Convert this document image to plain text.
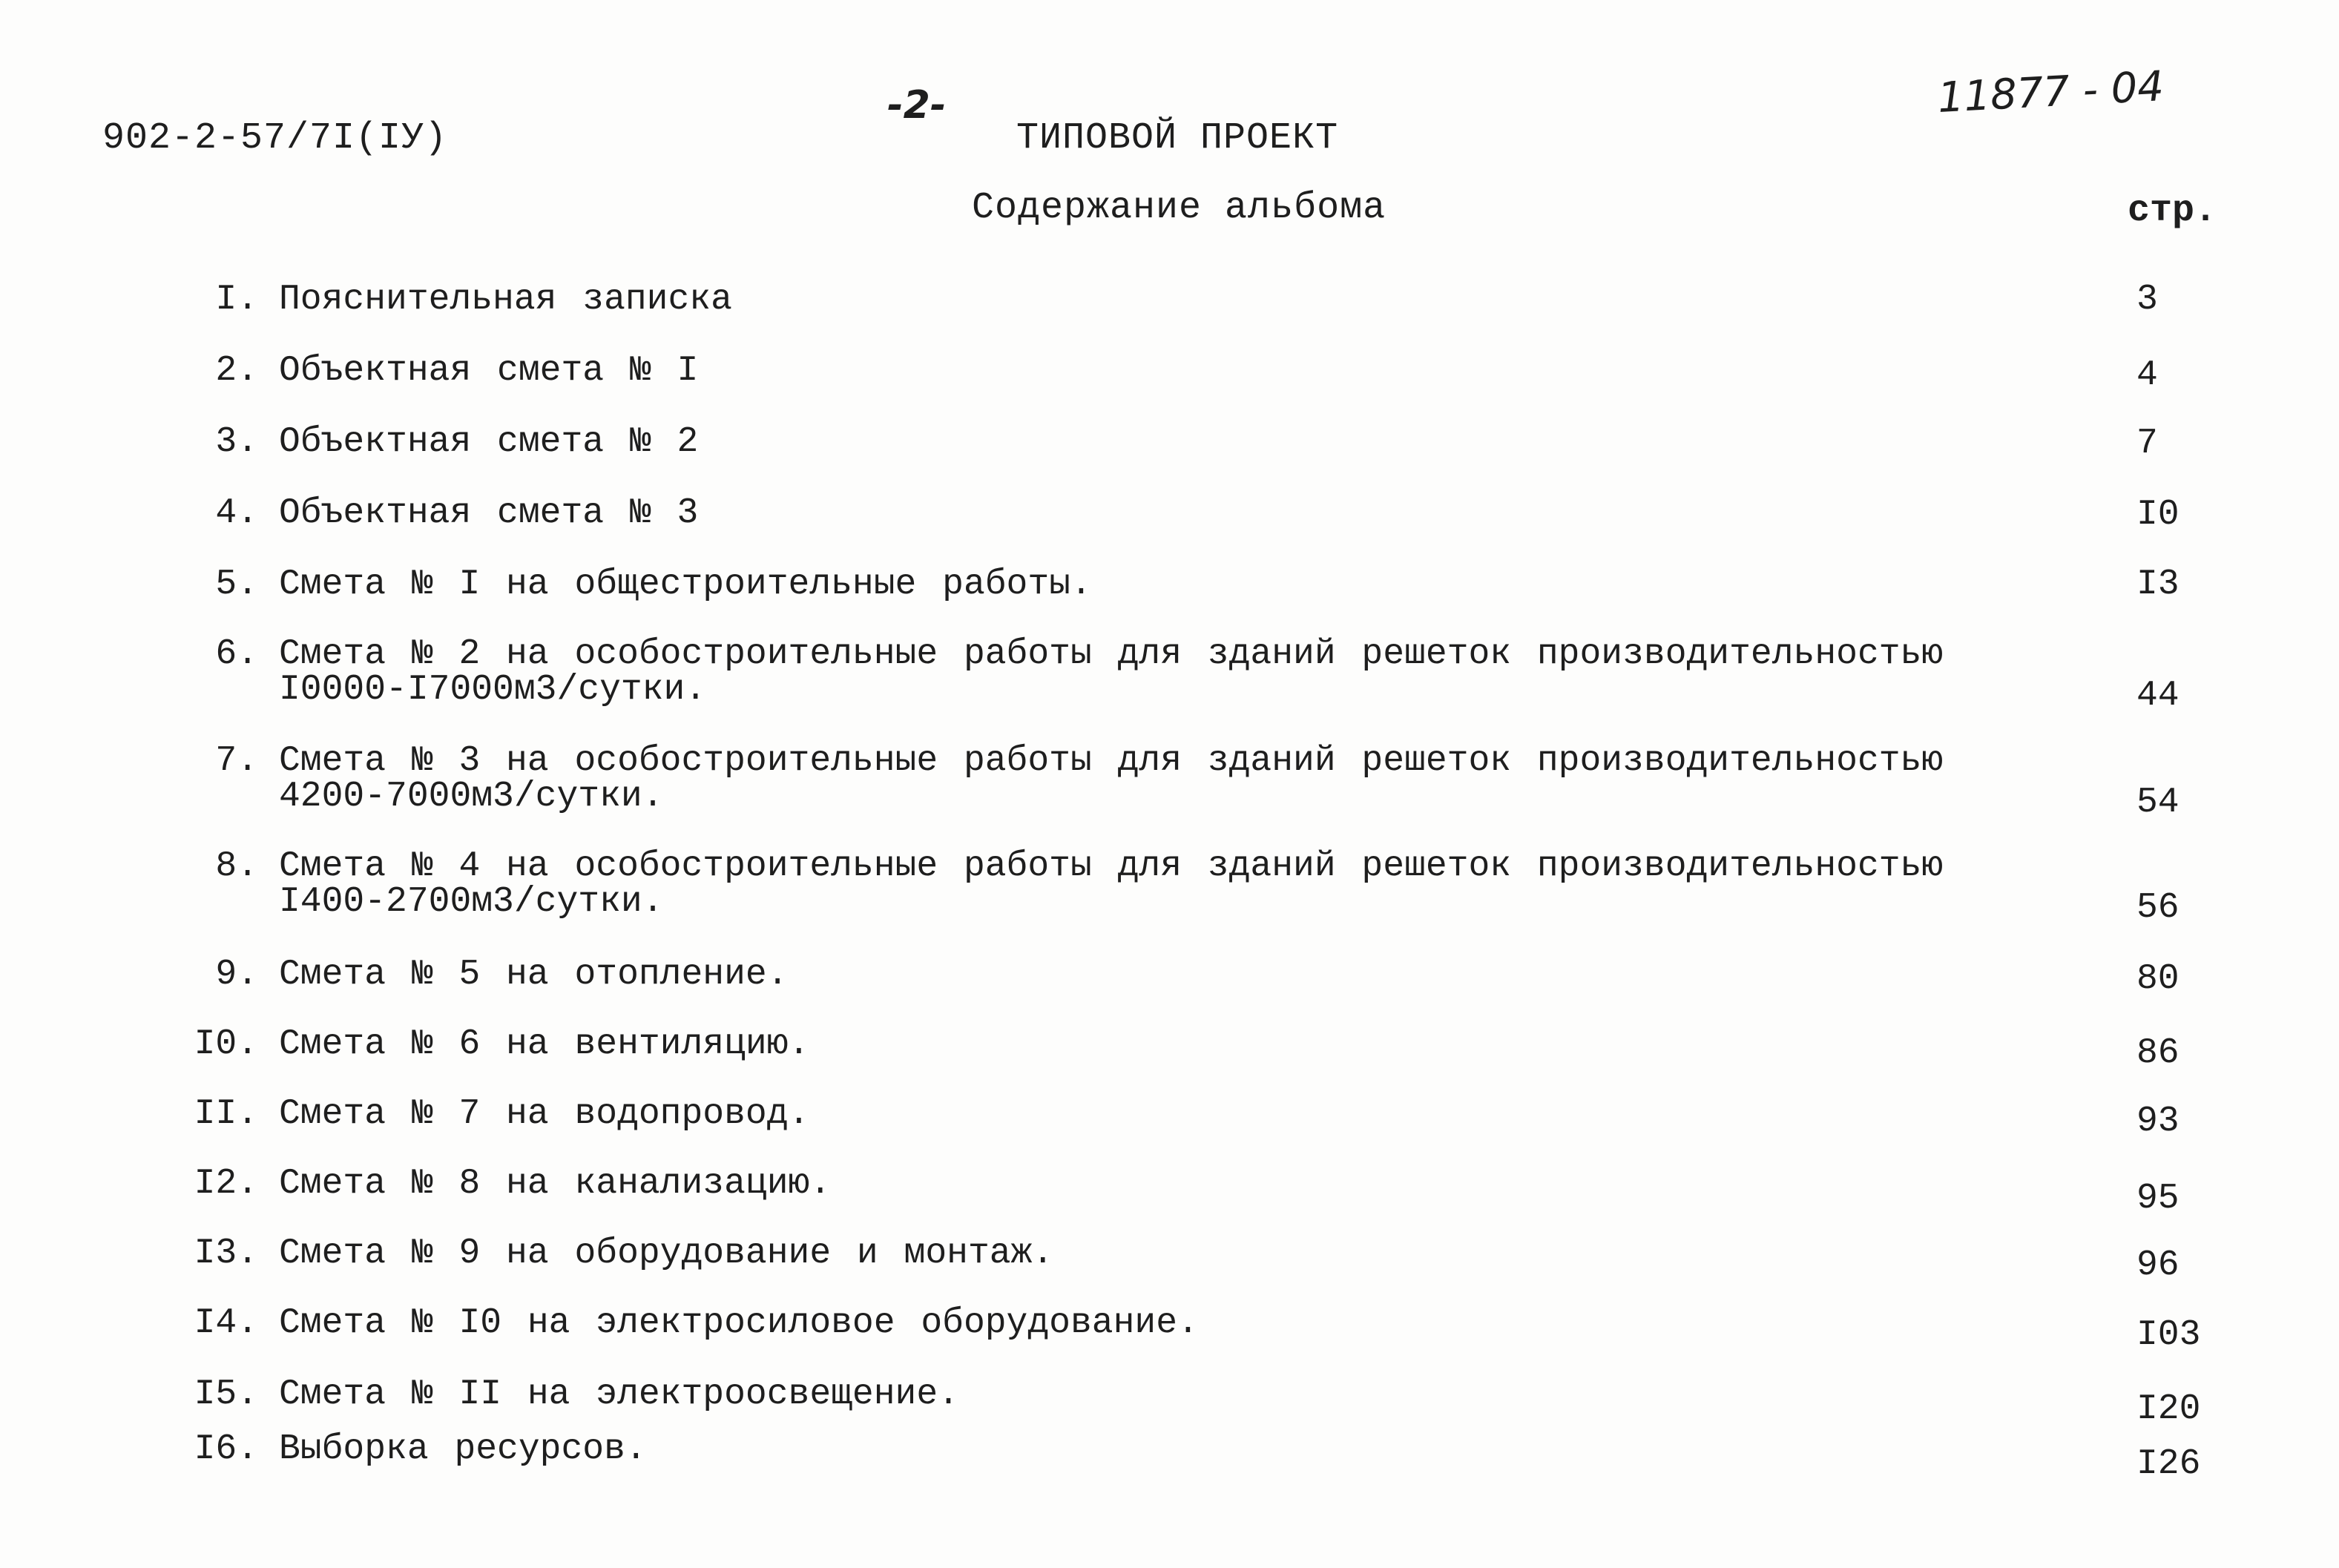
902-2-57/7I(IУ)
-2-	11877 - 04
ТИПОВОЙ ПРОЕКТ
Содержание альбома	стр.
I. Пояснительная записка	3
2. Объектная смета № I	4
3. Объектная смета № 2	7
4. Объектная смета № 3	I0
5. Смета № I на общестроительные работы.	I3
6. Смета № 2 на особостроительные работы для зданий решеток производительностью I0000-I7000м3/сутки.	44
7. Смета № 3 на особостроительные работы для зданий решеток производительностью 4200-7000м3/сутки.	54
8. Смета № 4 на особостроительные работы для зданий решеток производительностью I400-2700м3/сутки.	56
9. Смета № 5 на отопление.	80
I0. Смета № 6 на вентиляцию.	86
II. Смета № 7 на водопровод.	93
I2. Смета № 8 на канализацию.	95
I3. Смета № 9 на оборудование и монтаж.	96
I4. Смета № I0 на электросиловое оборудование.	I03
I5. Смета № II на электроосвещение.	I20
I6. Выборка ресурсов.	I26
